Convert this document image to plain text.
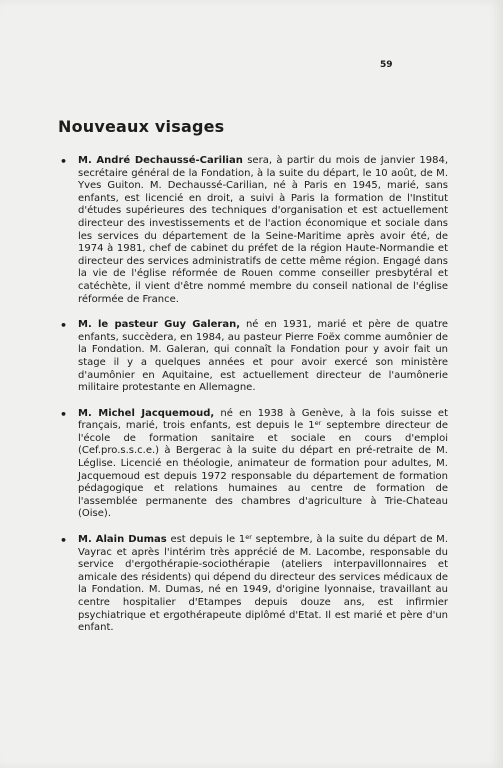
59
Nouveaux visages
• M. André Dechaussé-Carilian sera, à partir du mois de janvier 1984, secrétaire général de la Fondation, à la suite du départ, le 10 août, de M. Yves Guiton. M. Dechaussé-Carilian, né à Paris en 1945, marié, sans enfants, est licencié en droit, a suivi à Paris la formation de l'Institut d'études supérieures des techniques d'organisation et est actuellement directeur des investissements et de l'action économique et sociale dans les services du département de la Seine-Maritime après avoir été, de 1974 à 1981, chef de cabinet du préfet de la région Haute-Normandie et directeur des services administratifs de cette même région. Engagé dans la vie de l'église réformée de Rouen comme conseiller presbytéral et catéchète, il vient d'être nommé membre du conseil national de l'église réformée de France.

• M. le pasteur Guy Galeran, né en 1931, marié et père de quatre enfants, succèdera, en 1984, au pasteur Pierre Foëx comme aumônier de la Fondation. M. Galeran, qui connaît la Fondation pour y avoir fait un stage il y a quelques années et pour avoir exercé son ministère d'aumônier en Aquitaine, est actuellement directeur de l'aumônerie militaire protestante en Allemagne.

• M. Michel Jacquemoud, né en 1938 à Genève, à la fois suisse et français, marié, trois enfants, est depuis le 1er septembre directeur de l'école de formation sanitaire et sociale en cours d'emploi (Cef.pro.s.s.c.e.) à Bergerac à la suite du départ en pré-retraite de M. Léglise. Licencié en théologie, animateur de formation pour adultes, M. Jacquemoud est depuis 1972 responsable du département de formation pédagogique et relations humaines au centre de formation de l'assemblée permanente des chambres d'agriculture à Trie-Chateau (Oise).

• M. Alain Dumas est depuis le 1er septembre, à la suite du départ de M. Vayrac et après l'intérim très apprécié de M. Lacombe, responsable du service d'ergothérapie-sociothérapie (ateliers interpavillonnaires et amicale des résidents) qui dépend du directeur des services médicaux de la Fondation. M. Dumas, né en 1949, d'origine lyonnaise, travaillant au centre hospitalier d'Etampes depuis douze ans, est infirmier psychiatrique et ergothérapeute diplômé d'Etat. Il est marié et père d'un enfant.
